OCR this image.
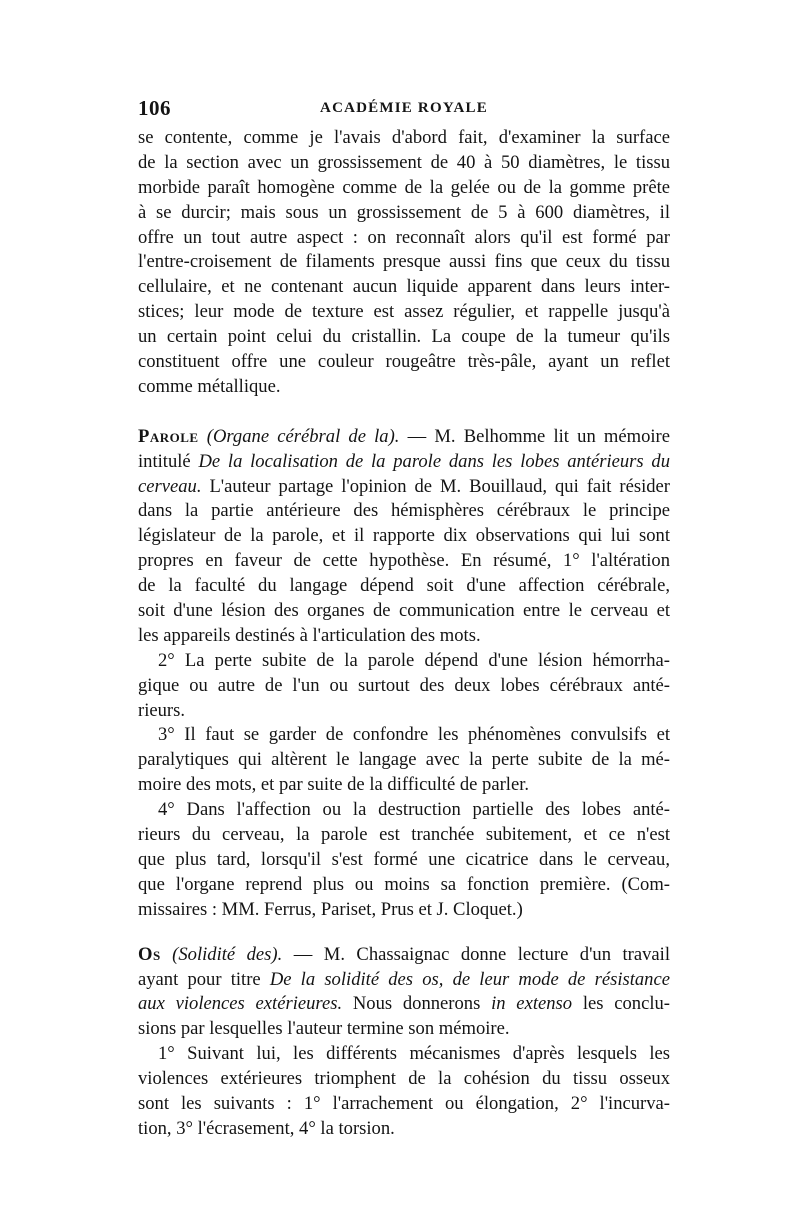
106	ACADÉMIE ROYALE
se contente, comme je l'avais d'abord fait, d'examiner la surface
de la section avec un grossissement de 40 à 50 diamètres, le tissu
morbide paraît homogène comme de la gelée ou de la gomme prête
à se durcir; mais sous un grossissement de 5 à 600 diamètres, il
offre un tout autre aspect : on reconnaît alors qu'il est formé par
l'entre-croisement de filaments presque aussi fins que ceux du tissu
cellulaire, et ne contenant aucun liquide apparent dans leurs inter-
stices; leur mode de texture est assez régulier, et rappelle jusqu'à
un certain point celui du cristallin. La coupe de la tumeur qu'ils
constituent offre une couleur rougeâtre très-pâle, ayant un reflet
comme métallique.
Parole (Organe cérébral de la). — M. Belhomme lit un mémoire
intitulé De la localisation de la parole dans les lobes antérieurs du
cerveau. L'auteur partage l'opinion de M. Bouillaud, qui fait résider
dans la partie antérieure des hémisphères cérébraux le principe
législateur de la parole, et il rapporte dix observations qui lui sont
propres en faveur de cette hypothèse. En résumé, 1° l'altération
de la faculté du langage dépend soit d'une affection cérébrale,
soit d'une lésion des organes de communication entre le cerveau et
les appareils destinés à l'articulation des mots.
2° La perte subite de la parole dépend d'une lésion hémorrha-
gique ou autre de l'un ou surtout des deux lobes cérébraux anté-
rieurs.
3° Il faut se garder de confondre les phénomènes convulsifs et
paralytiques qui altèrent le langage avec la perte subite de la mé-
moire des mots, et par suite de la difficulté de parler.
4° Dans l'affection ou la destruction partielle des lobes anté-
rieurs du cerveau, la parole est tranchée subitement, et ce n'est
que plus tard, lorsqu'il s'est formé une cicatrice dans le cerveau,
que l'organe reprend plus ou moins sa fonction première. (Com-
missaires : MM. Ferrus, Pariset, Prus et J. Cloquet.)
Os (Solidité des). — M. Chassaignac donne lecture d'un travail
ayant pour titre De la solidité des os, de leur mode de résistance
aux violences extérieures. Nous donnerons in extenso les conclu-
sions par lesquelles l'auteur termine son mémoire.
1° Suivant lui, les différents mécanismes d'après lesquels les
violences extérieures triomphent de la cohésion du tissu osseux
sont les suivants : 1° l'arrachement ou élongation, 2° l'incurva-
tion, 3° l'écrasement, 4° la torsion.
